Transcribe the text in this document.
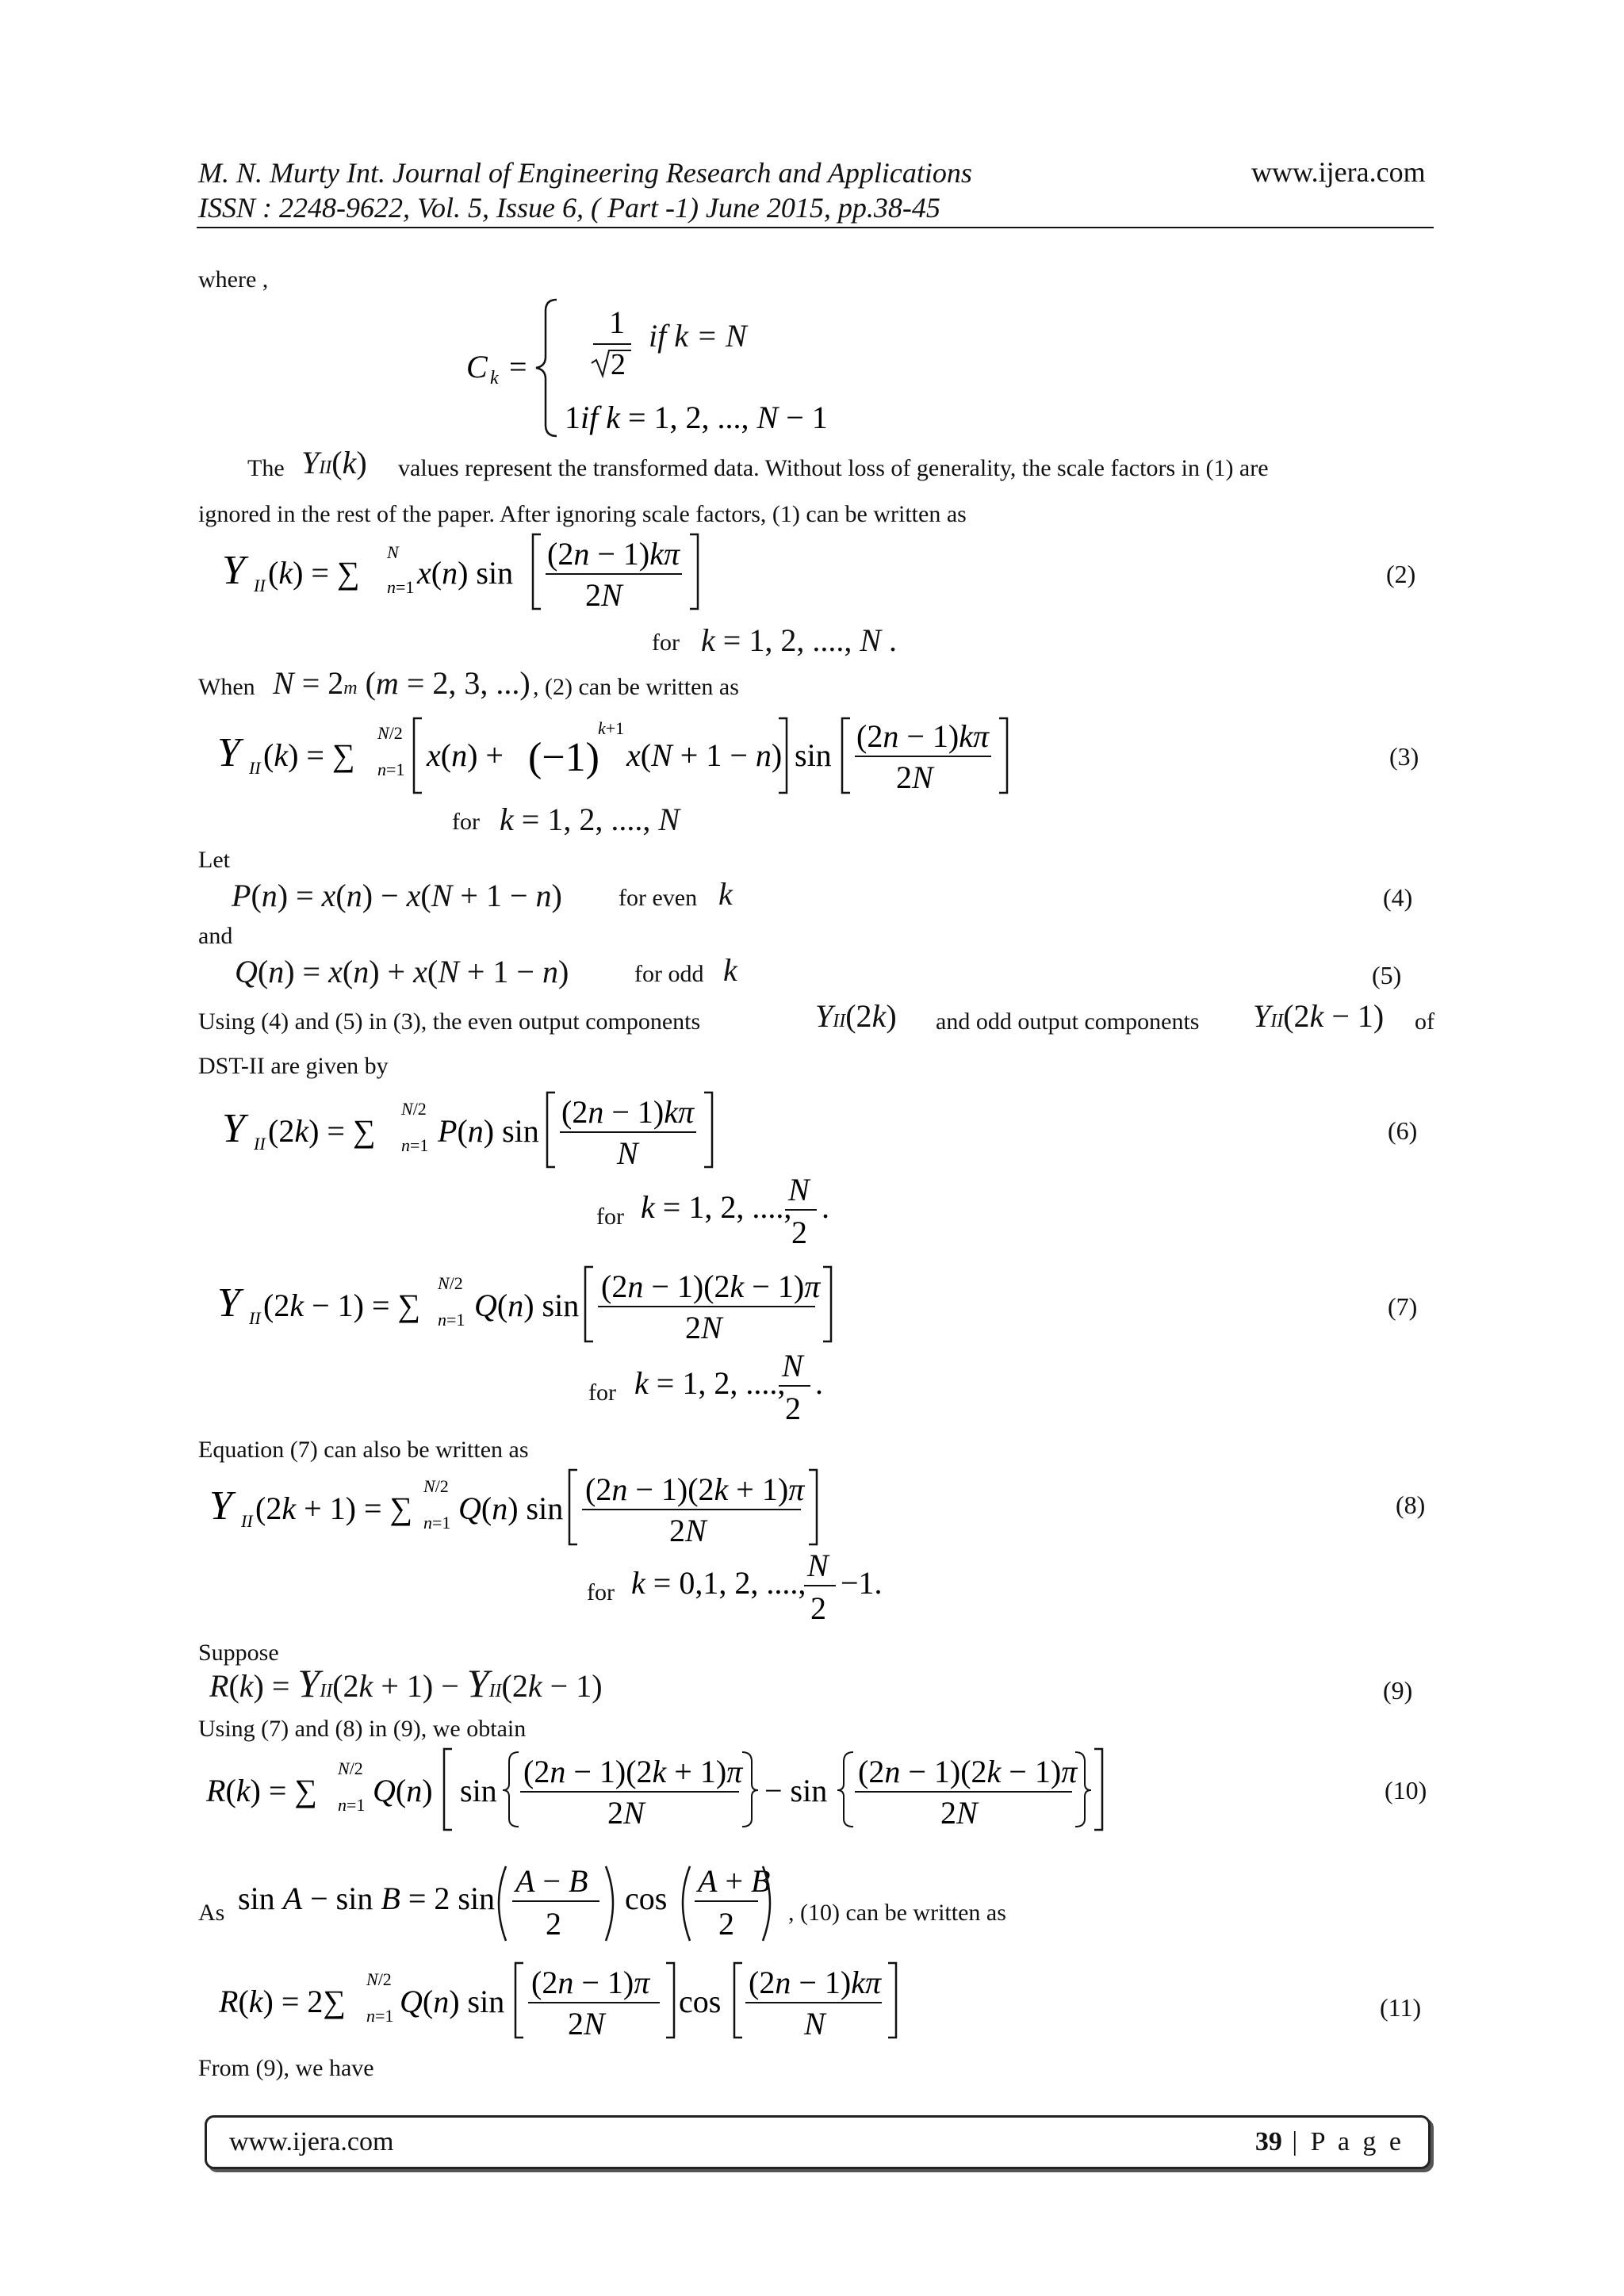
M. N. Murty Int. Journal of Engineering Research and Applications
ISSN : 2248-9622, Vol. 5, Issue 6, ( Part -1) June 2015, pp.38-45
www.ijera.com
where ,
C k =
1
2
1if k = 1, 2, ..., N − 1
if k = N
The YII(k) values represent the transformed data. Without loss of generality, the scale factors in (1) are
ignored in the rest of the paper. After ignoring scale factors, (1) can be written as
Y II (k) = ∑
N
n=1 x(n) sin
(2n − 1)kπ
2N
(2)
for k = 1, 2, ...., N .
When N = 2m (m = 2, 3, ...) , (2) can be written as
Y II (k) = ∑
N/2
n=1 x(n) + (−1)
k+1
x(N + 1 − n) sin
(2n − 1)kπ
2N
(3)
for k = 1, 2, ...., N
Let
P(n) = x(n) − x(N + 1 − n) for even k	(4)
and
Q(n) = x(n) + x(N + 1 − n)	for odd k	(5)
Using (4) and (5) in (3), the even output components	YII(2k) and odd output components YII(2k − 1) of
DST-II are given by
Y II (2k) = ∑
N/2
n=1 P(n) sin
(2n − 1)kπ
N
(6)
for k = 1, 2, ....,
N
2
.
Y II (2k − 1) = ∑
N/2
n=1 Q(n) sin
(2n − 1)(2k − 1)π
2N
(7)
for k = 1, 2, ....,
N
2
.
Equation (7) can also be written as
Y II (2k + 1) = ∑
N/2
n=1 Q(n) sin
(2n − 1)(2k + 1)π
2N
(8)
for k = 0,1, 2, ...., N
2
−1.
Suppose
R(k) = YII(2k + 1) − YII(2k − 1)	(9)
Using (7) and (8) in (9), we obtain
R(k) = ∑
N/2
n=1 Q(n) sin
(2n − 1)(2k + 1)π
2N
− sin
(2n − 1)(2k − 1)π
2N
(10)
As sin A − sin B = 2 sin A − B
2
cos A + B
2 , (10) can be written as
R(k) = 2∑
N/2
n=1 Q(n) sin
(2n − 1)π
2N
cos
(2n − 1)kπ
N	(11)
From (9), we have
www.ijera.com	39 | P a g e
